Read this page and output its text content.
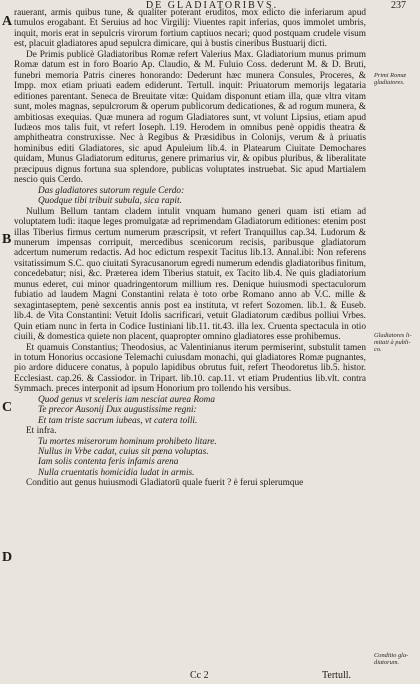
DE GLADIATORIBVS.	237
A
B
C
D
Primi Romæ gladiatores.
Gladiatores li- mitati à publi- co.
Conditio gla- diatorum.

rauerant, armis quibus tune, & qualiter poterant eruditos, mox edicto die inferiarum apud tumulos erogabant. Et Seruius ad hoc Virgilij: Viuentes rapit inferias, quos immolet umbris, inquit, moris erat in sepulcris virorum fortium captiuos necari; quod postquam crudele visum est, placuit gladiatores apud sepulcra dimicare, qui à bustis cineribus Bustuarij dicti.

De Primis publicè Gladiatoribus Romæ refert Valerius Max. Gladiatorium munus primum Romæ datum est in foro Boario Ap. Claudio, & M. Fuluio Coss. dederunt M. & D. Bruti, funebri memoria Patris cineres honorando: Dederunt hæc munera Consules, Proceres, & Impp. mox etiam priuati eadem ediderunt. Tertull. inquit: Priuatorum memorijs legataria editiones parentant. Seneca de Breuitate vitæ: Quidam disponunt etiam illa, quæ vltra vitam sunt, moles magnas, sepulcrorum & operum publicorum dedicationes, & ad rogum munera, & ambitiosas exequias. Quæ munera ad rogum Gladiatores sunt, vt volunt Lipsius, etiam apud Iudæos mos talis fuit, vt refert Ioseph. l.19. Herodem in omnibus penè oppidis theatra & amphitheatra construxisse. Nec à Regibus & Præsidibus in Colonijs, verum & à priuatis hominibus editi Gladiatores, sic apud Apuleium lib.4. in Platearum Ciuitate Demochares quidam, Munus Gladiatorum editurus, genere primarius vir, & opibus pluribus, & liberalitate præcipuus dignus fortuna sua splendore, publicas voluptates instruebat. Sic apud Martialem nescio quis Cerdo.

Das gladiatores sutorum regule Cerdo:

Quodque tibi tribuit subula, sica rapit.

Nullum Bellum tantam cladem intulit vnquam humano generi quam isti etiam ad voluptatem ludi: itaque leges promulgatæ ad reprimendam Gladiatorum editiones: etenim post illas Tiberius firmus certum numerum præscripsit, vt refert Tranquillus cap.34. Ludorum & munerum impensas corripuit, mercedibus scenicorum recisis, paribusque gladiatorum adcertum numerum redactis. Ad hoc edictum respexit Tacitus lib.13. Annal.ibi: Non referens vsitatissimum S.C. quo ciuitati Syracusanorum egredi numerum edendis gladiatoribus finitum, concedebatur; nisi, &c. Præterea idem Tiberius statuit, ex Tacito lib.4. Ne quis gladiatorium munus ederet, cui minor quadringentorum millium res. Denique huiusmodi spectaculorum fubiatio ad laudem Magni Constantini relata è toto orbe Romano anno ab V.C. mille & sexagintaseptem, penè sexcentis annis post ea instituta, vt refert Sozomen. lib.1. & Euseb. lib.4. de Vita Constantini: Vetuit Idolis sacrificari, vetuit Gladiatorum cædibus polliui Vrbes. Quin etiam nunc in ferta in Codice Iustiniani lib.11. tit.43. illa lex. Cruenta spectacula in otio ciuili, & domestica quiete non placent, quapropter omnino gladiatores esse prohibemus.

Et quamuis Constantius; Theodosius, ac Valentinianus iterum permiserint, substulit tamen in totum Honorius occasione Telemachi cuiusdam monachi, qui gladiatores Romæ pugnantes, pio ardore diducere conatus, à populo lapidibus obrutus fuit, refert Theodoretus lib.5. histor. Ecclesiast. cap.26. & Cassiodor. in Tripart. lib.10. cap.11. vt etiam Prudentius lib.vlt. contra Symmach. preces interponit ad ipsum Honorium pro tollendo his versibus.

Quod genus vt sceleris iam nesciat aurea Roma

Te precor Ausonij Dux augustissime regni:

Et tam triste sacrum iubeas, vt catera tolli.

Et infra.

Tu mortes miserorum hominum prohibeto litare.

Nullus in Vrbe cadat, cuius sit pœna voluptas.

Iam solis contenta feris infamis arena

Nulla cruentatis homicidia ludat in armis.

Conditio aut genus huiusmodi Gladiatorū quale fuerit ? è ferui splerumque

Cc 2	Tertull.
